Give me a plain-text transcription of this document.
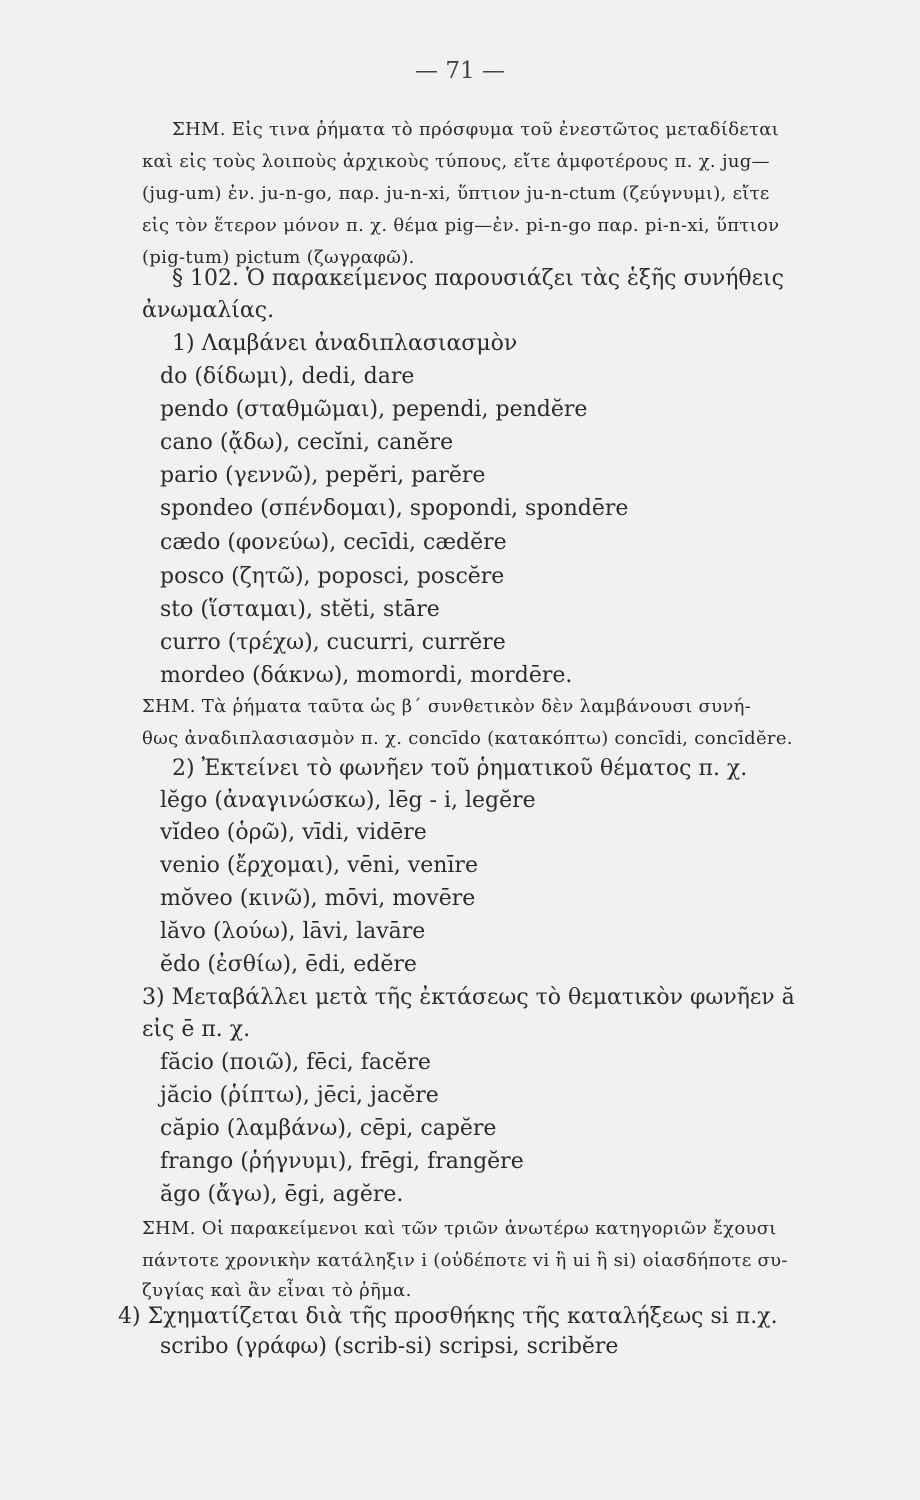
— 71 —
ΣΗΜ. Εἰς τινα ῥήματα τὸ πρόσφυμα τοῦ ἐνεστῶτος μεταδίδεται
καὶ εἰς τοὺς λοιποὺς ἀρχικοὺς τύπους, εἴτε ἀμφοτέρους π. χ. jug—
(jug-um) ἐν. ju-n-go, παρ. ju-n-xi, ὕπτιον ju-n-ctum (ζεύγνυμι), εἴτε
εἰς τὸν ἕτερον μόνον π. χ. θέμα pig—ἐν. pi-n-go παρ. pi-n-xi, ὕπτιον
(pig-tum) pictum (ζωγραφῶ).
§ 102. Ὁ παρακείμενος παρουσιάζει τὰς ἑξῆς συνήθεις
ἀνωμαλίας.
1) Λαμβάνει ἀναδιπλασιασμὸν
do (δίδωμι), dedi, dare
pendo (σταθμῶμαι), pependi, pendĕre
cano (ᾄδω), cecĭni, canĕre
pario (γεννῶ), pepĕri, parĕre
spondeo (σπένδομαι), spopondi, spondēre
cædo (φονεύω), cecīdi, cædĕre
posco (ζητῶ), poposci, poscĕre
sto (ἵσταμαι), stĕti, stāre
curro (τρέχω), cucurri, currĕre
mordeo (δάκνω), momordi, mordēre.
ΣΗΜ. Τὰ ῥήματα ταῦτα ὡς β΄ συνθετικὸν δὲν λαμβάνουσι συνή-
θως ἀναδιπλασιασμὸν π. χ. concīdo (κατακόπτω) concīdi, concīdĕre.
2) Ἐκτείνει τὸ φωνῆεν τοῦ ῥηματικοῦ θέματος π. χ.
lĕgo (ἀναγινώσκω), lēg - i, legĕre
vĭdeo (ὁρῶ), vīdi, vidēre
venio (ἔρχομαι), vēni, venīre
mŏveo (κινῶ), mōvi, movēre
lăvo (λούω), lāvi, lavāre
ĕdo (ἐσθίω), ēdi, edĕre
3) Μεταβάλλει μετὰ τῆς ἐκτάσεως τὸ θεματικὸν φωνῆεν ă
εἰς ē π. χ.
făcio (ποιῶ), fēci, facĕre
jăcio (ῥίπτω), jēci, jacĕre
căpio (λαμβάνω), cēpi, capĕre
frango (ῥήγνυμι), frēgi, frangĕre
ăgo (ἄγω), ēgi, agĕre.
ΣΗΜ. Οἱ παρακείμενοι καὶ τῶν τριῶν ἀνωτέρω κατηγοριῶν ἔχουσι
πάντοτε χρονικὴν κατάληξιν i (οὐδέποτε vi ἢ ui ἢ si) οἱασδήποτε συ-
ζυγίας καὶ ἂν εἶναι τὸ ῥῆμα.
4) Σχηματίζεται διὰ τῆς προσθήκης τῆς καταλήξεως si π.χ.
scribo (γράφω) (scrib-si) scripsi, scribĕre
